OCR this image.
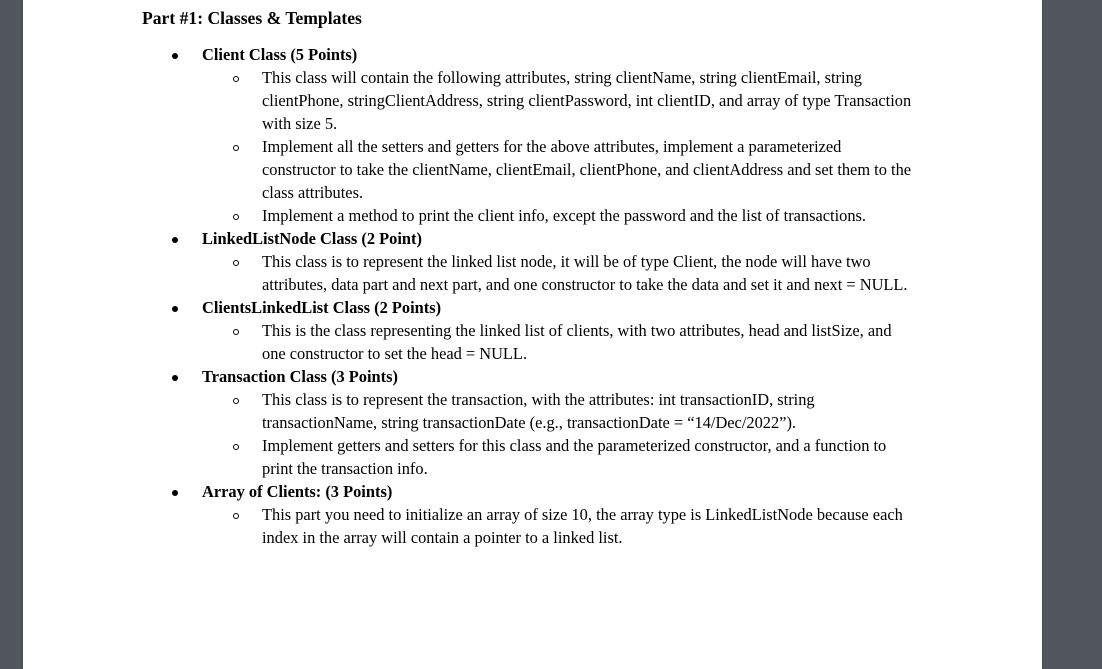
Part #1: Classes & Templates
Client Class (5 Points)
This class will contain the following attributes, string clientName, string clientEmail, string clientPhone, stringClientAddress, string clientPassword, int clientID, and array of type Transaction with size 5.
Implement all the setters and getters for the above attributes, implement a parameterized constructor to take the clientName, clientEmail, clientPhone, and clientAddress and set them to the class attributes.
Implement a method to print the client info, except the password and the list of transactions.
LinkedListNode Class (2 Point)
This class is to represent the linked list node, it will be of type Client, the node will have two attributes, data part and next part, and one constructor to take the data and set it and next = NULL.
ClientsLinkedList Class (2 Points)
This is the class representing the linked list of clients, with two attributes, head and listSize, and one constructor to set the head = NULL.
Transaction Class (3 Points)
This class is to represent the transaction, with the attributes: int transactionID, string transactionName, string transactionDate (e.g., transactionDate = “14/Dec/2022”).
Implement getters and setters for this class and the parameterized constructor, and a function to print the transaction info.
Array of Clients: (3 Points)
This part you need to initialize an array of size 10, the array type is LinkedListNode because each index in the array will contain a pointer to a linked list.
